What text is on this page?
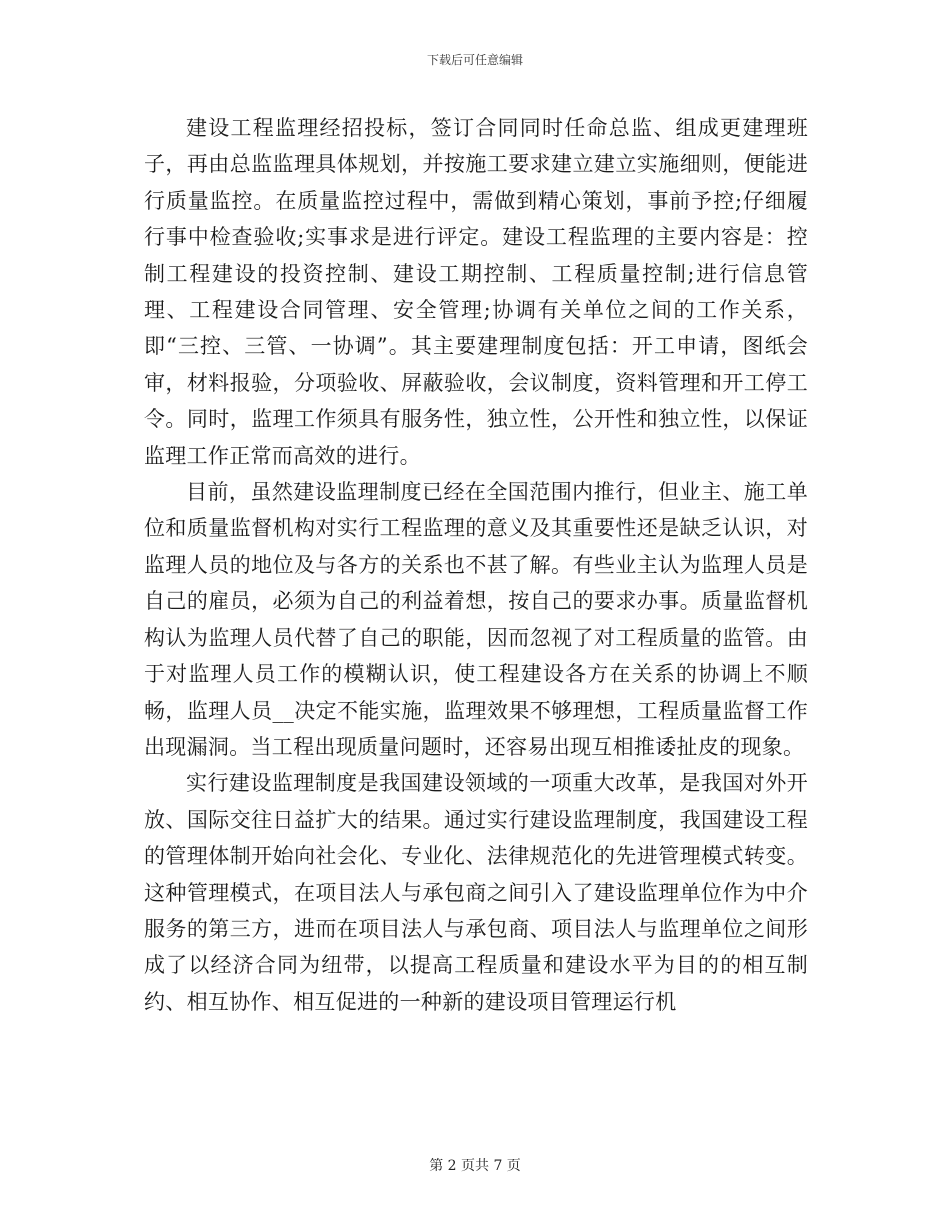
下载后可任意编辑

建设工程监理经招投标，签订合同同时任命总监、组成更建理班子，再由总监监理具体规划，并按施工要求建立建立实施细则，便能进行质量监控。在质量监控过程中，需做到精心策划，事前予控;仔细履行事中检查验收;实事求是进行评定。建设工程监理的主要内容是：控制工程建设的投资控制、建设工期控制、工程质量控制;进行信息管理、工程建设合同管理、安全管理;协调有关单位之间的工作关系，即“三控、三管、一协调”。其主要建理制度包括：开工申请，图纸会审，材料报验，分项验收、屏蔽验收，会议制度，资料管理和开工停工令。同时，监理工作须具有服务性，独立性，公开性和独立性，以保证监理工作正常而高效的进行。

目前，虽然建设监理制度已经在全国范围内推行，但业主、施工单位和质量监督机构对实行工程监理的意义及其重要性还是缺乏认识，对监理人员的地位及与各方的关系也不甚了解。有些业主认为监理人员是自己的雇员，必须为自己的利益着想，按自己的要求办事。质量监督机构认为监理人员代替了自己的职能，因而忽视了对工程质量的监管。由于对监理人员工作的模糊认识，使工程建设各方在关系的协调上不顺畅，监理人员__决定不能实施，监理效果不够理想，工程质量监督工作出现漏洞。当工程出现质量问题时，还容易出现互相推诿扯皮的现象。

实行建设监理制度是我国建设领域的一项重大改革，是我国对外开放、国际交往日益扩大的结果。通过实行建设监理制度，我国建设工程的管理体制开始向社会化、专业化、法律规范化的先进管理模式转变。这种管理模式，在项目法人与承包商之间引入了建设监理单位作为中介服务的第三方，进而在项目法人与承包商、项目法人与监理单位之间形成了以经济合同为纽带，以提高工程质量和建设水平为目的的相互制约、相互协作、相互促进的一种新的建设项目管理运行机

第 2 页共 7 页
